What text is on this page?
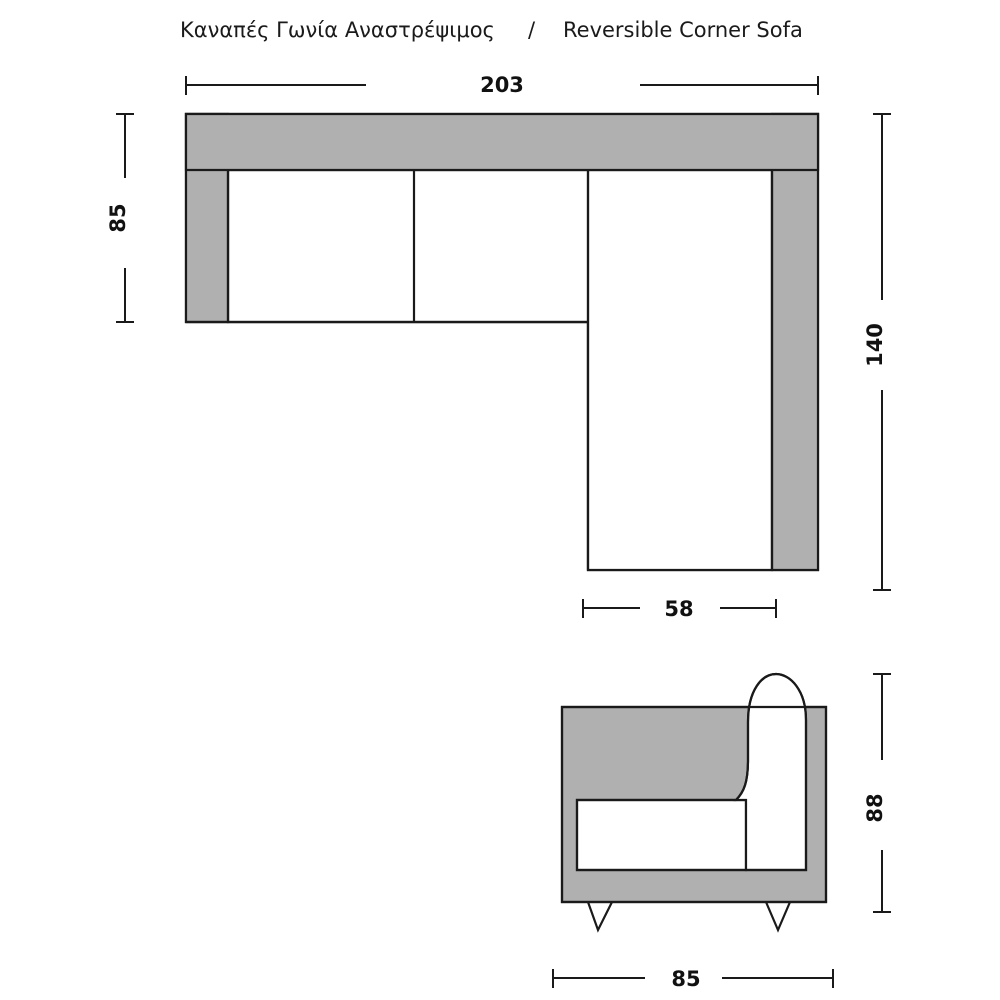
Καναπές Γωνία Αναστρέψιμος / Reversible Corner Sofa
203
85
140
58
88
85
